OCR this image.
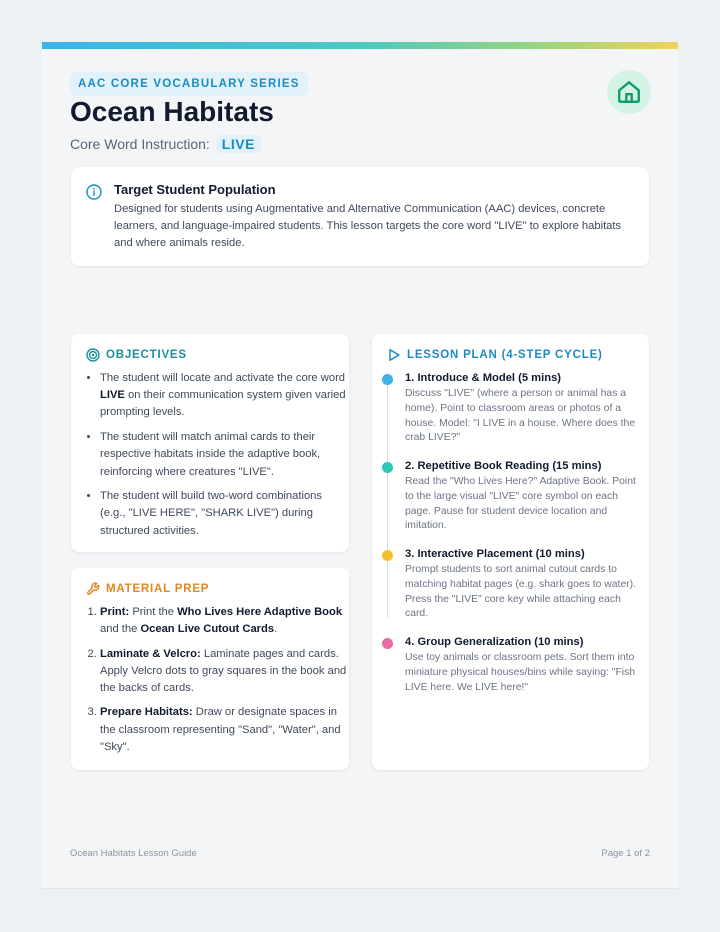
AAC CORE VOCABULARY SERIES
Ocean Habitats
Core Word Instruction: LIVE
Target Student Population

Designed for students using Augmentative and Alternative Communication (AAC) devices, concrete learners, and language-impaired students. This lesson targets the core word "LIVE" to explore habitats and where animals reside.

OBJECTIVES
• The student will locate and activate the core word LIVE on their communication system given varied prompting levels.
• The student will match animal cards to their respective habitats inside the adaptive book, reinforcing where creatures "LIVE".
• The student will build two-word combinations (e.g., "LIVE HERE", "SHARK LIVE") during structured activities.
MATERIAL PREP
1. Print: Print the Who Lives Here Adaptive Book and the Ocean Live Cutout Cards.
2. Laminate & Velcro: Laminate pages and cards. Apply Velcro dots to gray squares in the book and the backs of cards.
3. Prepare Habitats: Draw or designate spaces in the classroom representing "Sand", "Water", and "Sky".
LESSON PLAN (4-STEP CYCLE)
1. Introduce & Model (5 mins)

Discuss "LIVE" (where a person or animal has a home). Point to classroom areas or photos of a house. Model: "I LIVE in a house. Where does the crab LIVE?"

2. Repetitive Book Reading (15 mins)

Read the "Who Lives Here?" Adaptive Book. Point to the large visual "LIVE" core symbol on each page. Pause for student device location and imitation.

3. Interactive Placement (10 mins)

Prompt students to sort animal cutout cards to matching habitat pages (e.g. shark goes to water). Press the "LIVE" core key while attaching each card.

4. Group Generalization (10 mins)

Use toy animals or classroom pets. Sort them into miniature physical houses/bins while saying: "Fish LIVE here. We LIVE here!"

Ocean Habitats Lesson Guide	Page 1 of 2
